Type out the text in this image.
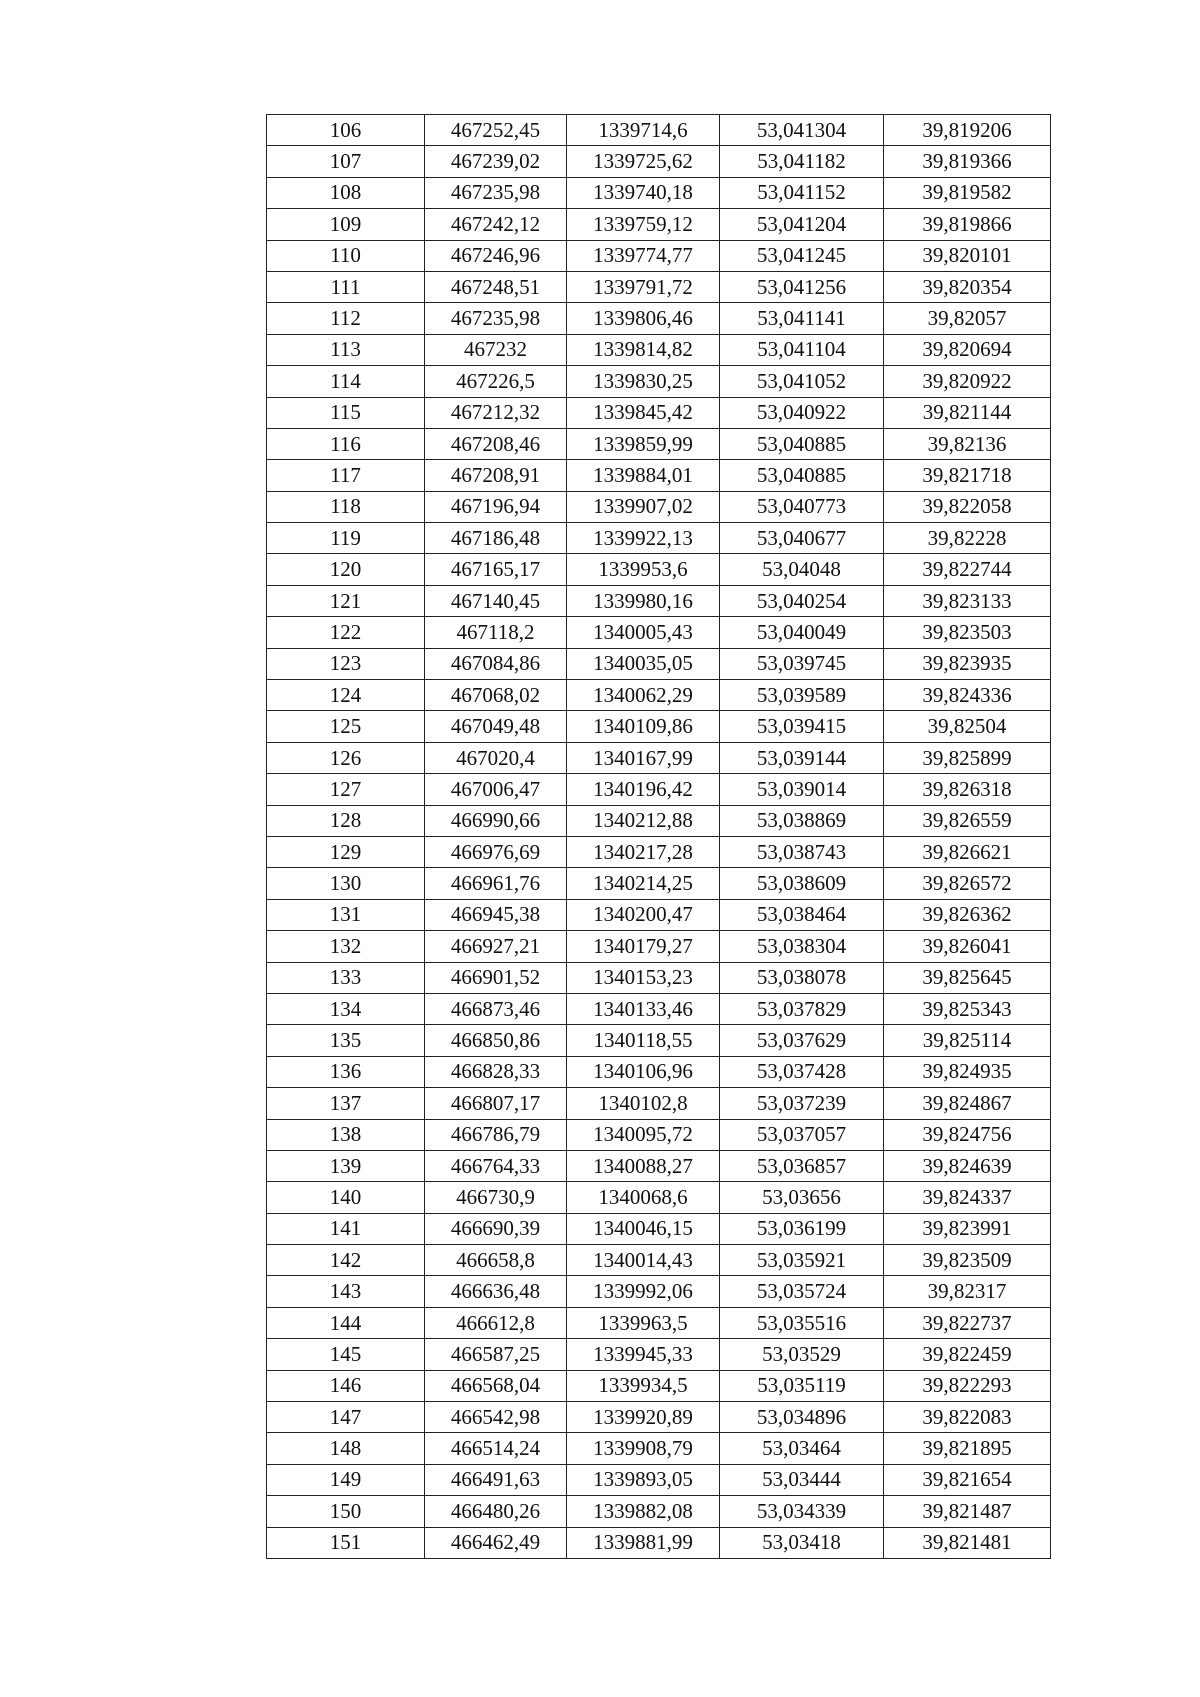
106	467252,45	1339714,6	53,041304	39,819206
107	467239,02	1339725,62	53,041182	39,819366
108	467235,98	1339740,18	53,041152	39,819582
109	467242,12	1339759,12	53,041204	39,819866
110	467246,96	1339774,77	53,041245	39,820101
111	467248,51	1339791,72	53,041256	39,820354
112	467235,98	1339806,46	53,041141	39,82057
113	467232	1339814,82	53,041104	39,820694
114	467226,5	1339830,25	53,041052	39,820922
115	467212,32	1339845,42	53,040922	39,821144
116	467208,46	1339859,99	53,040885	39,82136
117	467208,91	1339884,01	53,040885	39,821718
118	467196,94	1339907,02	53,040773	39,822058
119	467186,48	1339922,13	53,040677	39,82228
120	467165,17	1339953,6	53,04048	39,822744
121	467140,45	1339980,16	53,040254	39,823133
122	467118,2	1340005,43	53,040049	39,823503
123	467084,86	1340035,05	53,039745	39,823935
124	467068,02	1340062,29	53,039589	39,824336
125	467049,48	1340109,86	53,039415	39,82504
126	467020,4	1340167,99	53,039144	39,825899
127	467006,47	1340196,42	53,039014	39,826318
128	466990,66	1340212,88	53,038869	39,826559
129	466976,69	1340217,28	53,038743	39,826621
130	466961,76	1340214,25	53,038609	39,826572
131	466945,38	1340200,47	53,038464	39,826362
132	466927,21	1340179,27	53,038304	39,826041
133	466901,52	1340153,23	53,038078	39,825645
134	466873,46	1340133,46	53,037829	39,825343
135	466850,86	1340118,55	53,037629	39,825114
136	466828,33	1340106,96	53,037428	39,824935
137	466807,17	1340102,8	53,037239	39,824867
138	466786,79	1340095,72	53,037057	39,824756
139	466764,33	1340088,27	53,036857	39,824639
140	466730,9	1340068,6	53,03656	39,824337
141	466690,39	1340046,15	53,036199	39,823991
142	466658,8	1340014,43	53,035921	39,823509
143	466636,48	1339992,06	53,035724	39,82317
144	466612,8	1339963,5	53,035516	39,822737
145	466587,25	1339945,33	53,03529	39,822459
146	466568,04	1339934,5	53,035119	39,822293
147	466542,98	1339920,89	53,034896	39,822083
148	466514,24	1339908,79	53,03464	39,821895
149	466491,63	1339893,05	53,03444	39,821654
150	466480,26	1339882,08	53,034339	39,821487
151	466462,49	1339881,99	53,03418	39,821481
